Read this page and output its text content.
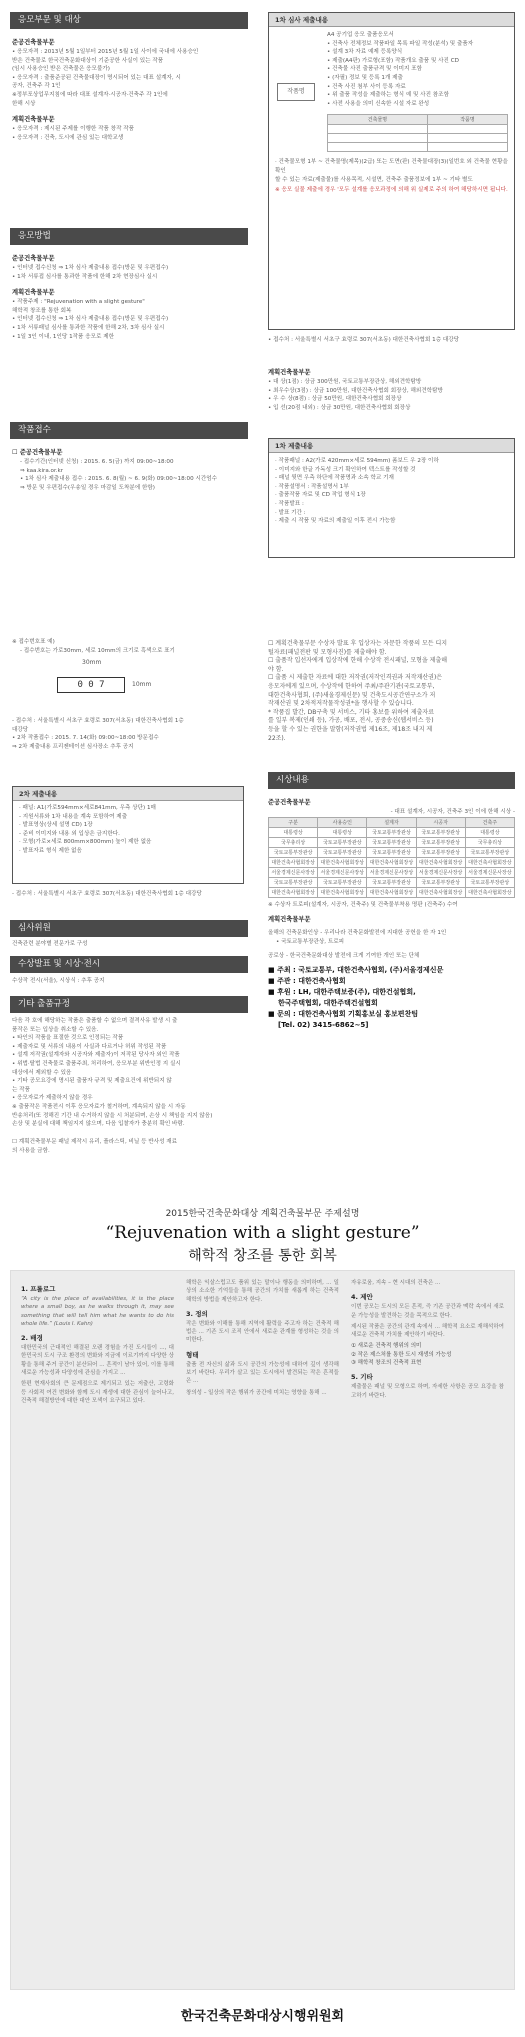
응모부문 및 대상
준공건축물부문
• 응모자격 : 2013년 5월 1일부터 2015년 5월 1일 사이에 국내에 사용승인
받은 건축물로 한국건축문화대상이 기준공한 사실이 있는 작품
(임시 사용승인 받은 건축물은 응모불가)
• 응모자격 : 출품준공된 건축물대장이 명시되어 있는 대표 설계자, 시
공자, 건축주 각 1인
※정부포상업무지침에 따라 대표 설계자·시공자·건축주 각 1인에
한해 시상
계획건축물부문
• 응모자격 : 제시된 주제를 이행한 작품 창작 작품
• 응모자격 : 건축, 도시에 관심 있는 대학교생
응모방법
준공건축물부문
• 인터넷 접수신청 ⇒ 1차 심사 제출내용 접수(방문 및 우편접수)
• 1차 서류접 심사를 통과한 작품에 한해 2차 현장심사 실시
계획건축물부문
• 작품주제 : "Rejuvenation with a slight gesture"
해학적 창조를 통한 회복
• 인터넷 접수신청 ⇒ 1차 심사 제출내용 접수(방문 및 우편접수)
• 1차 서류패널 심사를 통과한 작품에 한해 2차, 3차 심사 실시
• 1일 3인 이내, 1인당 1작품 응모로 제한
작품접수
☐ 준공건축물부문
- 접수기간(인터넷 신청) : 2015. 6. 5(금) 까지 09:00~18:00
⇒ kaa.kira.or.kr
• 1차 심사 제출내용 접수 : 2015. 6. 8(월) ~ 6. 9(화) 09:00~18:00 시간엄수
⇒ 방문 및 우편접수(우송일 경우 마감일 도착분에 한함)
※ 접수번호표 예)
- 접수번호는 가로30mm, 세로 10mm의 크기로 흑색으로 표기
30mm
0 0 7	10mm
- 접수처 : 서울특별시 서초구 효령로 307(서초동) 대한건축사협회 1층
대강당
• 2차 작품접수 : 2015. 7. 14(화) 09:00~18:00 방문접수
⇒ 2차 제출내용 프리젠테이션 심사장소 추후 공지
2차 제출내용
· 패널: A1(가로594mm×세로841mm, 우측 상단) 1매
- 지원서류와 1차 내용을 계속 포함하여 제출
· 발표영상(상세 설명 CD) 1장
- 준비 이미지와 내용 외 입상은 금지한다.
· 모형(가로×세로 800mm×800mm) 높이 제한 없음
· 발표자료 형식 제한 없음
- 접수처 : 서울특별시 서초구 효령로 307(서초동) 대한건축사협회 1층 대강당
심사위원
건축관련 분야별 전문가로 구성
수상발표 및 시상·전시
수상작 전시(서울), 시상식 : 추후 공지
기타 출품규정
다음 각 호에 해당하는 작품은 출품할 수 없으며 결격사유 발생 시 출
품작은 또는 입상을 취소할 수 있음.
• 타인의 작품을 표절한 것으로 인정되는 작품
• 제출자료 및 서류의 내용이 사실과 다르거나 허위 작성된 작품
• 설계 저작권(설계자와 시공자와 제출자)이 저작된 당사자 외인 작품
• 위법·탈법 건축물로 출품주최, 처리하여, 응모부분 위반인정 지 실시
대상에서 제외할 수 있음
• 기타 공모요강에 명시된 출품자 규격 및 제출요건에 위반되지 않
는 작품
• 응모자료가 제출하지 않을 경우
※ 출품작은 작품전시 이후 응모자료가 철거하며, 계속되지 않을 시 자동
반송처리(또 정해진 기간 내 수거하지 않을 시 처분되며, 손상 시 책임을 지지 않음)
손상 및 분실에 대해 책임지지 않으며, 다음 입찰자가 충분히 확인 바람.
☐ 계획건축물부문 패널 제작시 유리, 플라스틱, 비닐 등 반사성 재료
의 사용을 금함.
1차 심사 제출내용
작품명
A4 공기업 응모 출품응모서
• 건축사 전체정보 작품파일 목록 파일 작성(분석) 및 출품자
• 설계 3차 자료 예제 등록양식
• 제출(A4판) 가로형(포함) 작품개요 출품 및 사진 CD
• 건축물 사진 출품규격 및 이미지 포함
• (자필) 정보 및 등록 1개 제출
• 건축 사진 첨부 사이 등록 자료
• 위 출품 작성을 제출하는 형식 예 및 사진 참조함
• 사전 사용을 의미 신속한 시설 자료 완성
건축물명	작품명

· 건축물모형 1부 ~ 건축물명(제목)(2급) 또는 도면(판) 건축물대장(3)(일번호 외 건축물 현황을 확인
할 수 있는 자료(제출물)를 사용목적, 시설면, 건축주 출품정보에 1부 ~ 기타 별도
※ 응모 실물 제출에 경우 '모두 설계를 응모과정에 의해 위 실제로 주의 하여 해당하시면 됩니다.
• 접수처 : 서울특별시 서초구 효령로 307(서초동) 대한건축사협회 1층 대강당
계획건축물부문
• 대 상(1점) : 상금 300만원, 국토교통부장관상, 해외견학탐방
• 최우수상(3점) : 상금 100만원, 대한건축사협회 회장상, 해외견학탐방
• 우 수 상(8점) : 상금 50만원, 대한건축사협회 회장상
• 입 선(20점 내외) : 상금 30만원, 대한건축사협회 회장상
1차 제출내용
· 작품패널 : A2(가로 420mm×세로 594mm) 폼보드 우 2장 이하
- 이미지와 한글 가독성 크기 확인하여 텍스트를 작성할 것
- 패널 뒷면 우측 하단에 작품명과 소속 학교 기재
· 작품설명서 : 작품설명서 1부
· 출품작품 자료 및 CD 작업 형식 1장
· 작품발표 :
· 발표 기간 :
· 제출 시 작품 및 자료의 제출일 이후 전시 가능함
☐ 계획건축물부문 수상자 발표 후 입상자는 자문한 작품의 모든 디지
털자료(패널전판 및 모형사진)를 제출해야 함.
☐ 출품작 입선자에게 입상작에 한해 수상작 전시패널, 모형을 제출해
야 함.
☐ 출품 시 제출한 자료에 대한 저작권(저작인격권과 저작재산권)은
응모자에게 있으며, 수상작에 한하여 주최/주관기관(국토교통부,
대한건축사협회, (주)새올경제신문) 및 건축도시공간연구소가 저
작재산권 및 2차적저작물작성권*을 행사할 수 있습니다.
* 작품집 발간, DB구축 및 서비스, 기타 홍보를 위하여 제출자료
를 일부 복제(인쇄 등), 가공, 배포, 전시, 공중송신(웹서비스 등)
등을 할 수 있는 권한을 말함(저작권법 제16조, 제18조 내지 제
22조).
시상내용
준공건축물부문
- 대표 설계자, 시공자, 건축주 3인 이에 한해 시상 -
구분	사용승인	설계자	시공자	건축주
대통령상	대통령상	국토교통부장관상	국토교통부장관상	대통령상
국무총리상	국토교통부장관상	국토교통부장관상	국토교통부장관상	국무총리상
국토교통부장관상	국토교통부장관상	국토교통부장관상	국토교통부장관상	국토교통부장관상
대한건축사협회장상	대한건축사협회장상	대한건축사협회장상	대한건축사협회장상	대한건축사협회장상
서울경제신문사장상	서울경제신문사장상	서울경제신문사장상	서울경제신문사장상	서울경제신문사장상
국토교통부장관상	국토교통부장관상	국토교통부장관상	국토교통부장관상	국토교통부장관상
대한건축사협회장상	대한건축사협회장상	대한건축사협회장상	대한건축사협회장상	대한건축사협회장상
※ 수상자 트로피(설계자, 시공자, 건축주) 및 건축물부착용 명판 (건축주) 수여
계획건축물부문
올해의 건축문화인상 - 우리나라 건축문화발전에 지대한 공헌을 한 자 1인
• 국토교통부장관상, 트로피
공로상 - 한국건축문화대상 발전에 크게 기여한 개인 또는 단체
■ 주최 : 국토교통부, 대한건축사협회, (주)서울경제신문
■ 주관 : 대한건축사협회
■ 후원 : LH, 대한주택보증(주), 대한건설협회,
한국주택협회, 대한주택건설협회
■ 문의 : 대한건축사협회 기획홍보실 홍보편찬팀
[Tel. 02) 3415-6862~5]
2015한국건축문화대상 계획건축물부문 주제설명
“Rejuvenation with a slight gesture”
해학적 창조를 통한 회복
1. 프롤로그

“A city is the place of availabilities, it is the place where a small boy, as he walks through it, may see something that will tell him what he wants to do his whole life.” (Louis I. Kahn)

2. 배경

대한민국의 근대적인 해결된 오랜 경험을 가진 도시들이 ..., 대한민국의 도시 구조 환경의 변화와 지금에 이르기까지 다양한 상황을 통해 주거 공간이 분산되어 ... 흔적이 남아 있어, 이를 통해 새로운 가능성과 다양성에 관심을 가지고 ...

한편 현재사회의 큰 문제점으로 제기되고 있는 저출산, 고령화 등 사회적 여건 변화와 함께 도시 재생에 대한 관심이 늘어나고, 건축적 해결방안에 대한 대안 모색이 요구되고 있다.

해학은 익살스럽고도 품위 있는 말이나 행동을 의미하며, ... 일상의 소소한 기억들을 통해 공간의 가치를 새롭게 하는 건축적 해학의 방법을 제안하고자 한다.

3. 정의

작은 변화와 이해를 통해 지역에 활력을 주고자 하는 건축적 해법은 ... 기존 도시 조직 안에서 새로운 관계를 형성하는 것을 의미한다.

형태

출품 전 자신의 삶과 도시 공간의 가능성에 대하여 깊이 생각해보기 바란다. 우리가 살고 있는 도시에서 발견되는 작은 흔적들은 ...

창의성 – 일상의 작은 행위가 공간에 미치는 영향을 통해 ...

자유로움, 지속 – 현 시대의 건축은 ...

4. 제안

이번 공모는 도시의 모든 흔적, 즉 기존 공간과 맥락 속에서 새로운 가능성을 발견하는 것을 목적으로 한다.

제시된 작품은 공간의 관계 속에서 ... 해학적 요소로 재해석하여 새로운 건축적 가치를 제안하기 바란다.

① 새로운 건축적 행위의 의미
② 작은 제스처를 통한 도시 재생의 가능성
③ 해학적 창조의 건축적 표현

5. 기타

제출물은 패널 및 모형으로 하며, 자세한 사항은 공모 요강을 참고하기 바란다.

한국건축문화대상시행위원회
